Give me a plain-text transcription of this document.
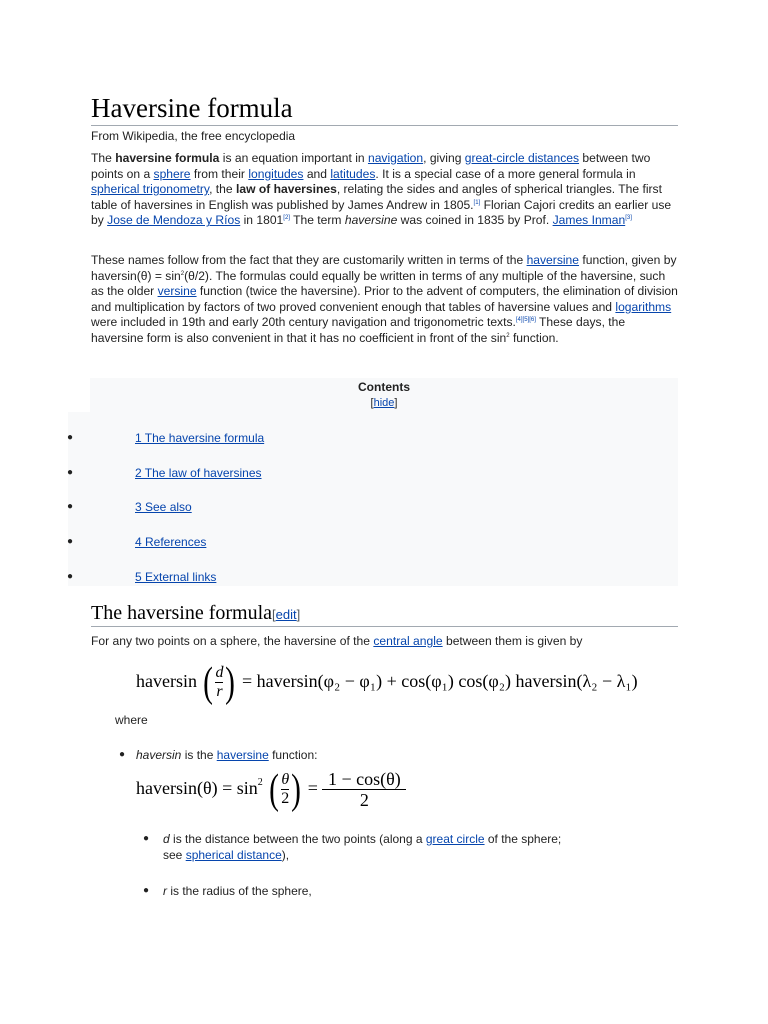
Haversine formula
From Wikipedia, the free encyclopedia

The haversine formula is an equation important in navigation, giving great-circle distances between two points on a sphere from their longitudes and latitudes. It is a special case of a more general formula in spherical trigonometry, the law of haversines, relating the sides and angles of spherical triangles. The first table of haversines in English was published by James Andrew in 1805.[1] Florian Cajori credits an earlier use by Jose de Mendoza y Ríos in 1801[2] The term haversine was coined in 1835 by Prof. James Inman[3]

These names follow from the fact that they are customarily written in terms of the haversine function, given by haversin(θ) = $\sin^2(\theta/2)$. The formulas could equally be written in terms of any multiple of the haversine, such as the older versine function (twice the haversine). Prior to the advent of computers, the elimination of division and multiplication by factors of two proved convenient enough that tables of haversine values and logarithms were included in 19th and early 20th century navigation and trigonometric texts.[4][5][6] These days, the haversine form is also convenient in that it has no coefficient in front of the $\sin^2$ function.

Contents
[hide]
●	1 The haversine formula
●	2 The law of haversines
●	3 See also
●	4 References
●	5 External links
The haversine formula[edit]

For any two points on a sphere, the haversine of the central angle between them is given by

haversin ( $\frac{d}{r}$ ) = haversin(φ₂ − φ₁) + cos(φ₁) cos(φ₂) haversin(λ₂ − λ₁)
where
● haversin is the haversine function:
haversin(θ) = $\sin^2$ ( $\frac{\theta}{2}$ ) = $\frac{1 - \cos(\theta)}{2}$
● d is the distance between the two points (along a great circle of the sphere;
see spherical distance),
● r is the radius of the sphere,
